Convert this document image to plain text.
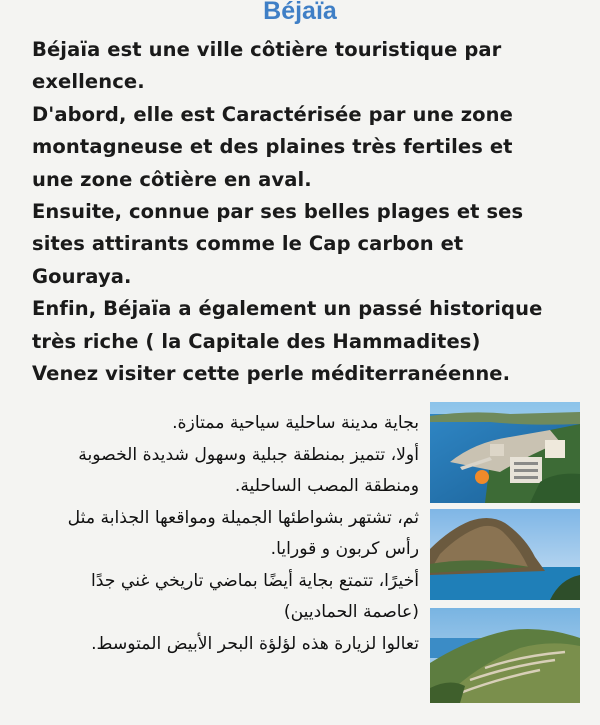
Béjaïa
Béjaïa est une ville côtière touristique par
exellence.
D'abord, elle est Caractérisée par une zone
montagneuse et des plaines très fertiles et
une zone côtière en aval.
Ensuite, connue par ses belles plages et ses
sites attirants comme le Cap carbon et
Gouraya.
Enfin, Béjaïa a également un passé historique
très riche ( la Capitale des Hammadites)
Venez visiter cette perle méditerranéenne.
بجاية مدينة ساحلية سياحية ممتازة.
أولا، تتميز بمنطقة جبلية وسهول شديدة الخصوبة
ومنطقة المصب الساحلية.
ثم، تشتهر بشواطئها الجميلة ومواقعها الجذابة مثل
رأس كربون و قورايا.
أخيرًا، تتمتع بجاية أيضًا بماضي تاريخي غني جدًا
(عاصمة الحماديين)
تعالوا لزيارة هذه لؤلؤة البحر الأبيض المتوسط.
